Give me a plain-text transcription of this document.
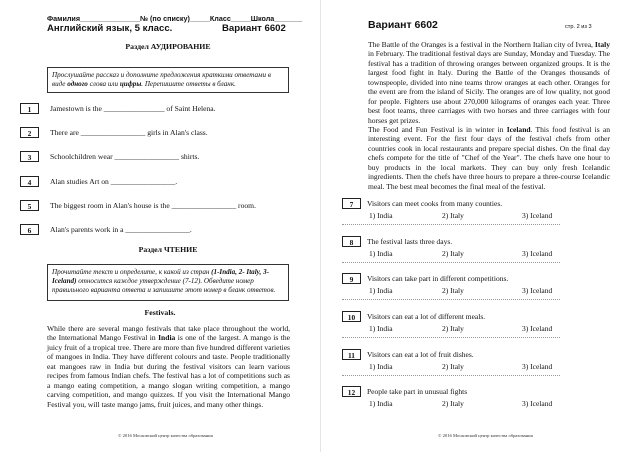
Фамилия_______________№ (по списку)_____Класс_____Школа_______
Английский язык, 5 класс.	Вариант 6602
Раздел АУДИРОВАНИЕ
Прослушайте рассказ и дополните предложения краткими ответами в виде одного слова или цифры. Перепишите ответы в бланк.
1	Jamestown is the ________________ of Saint Helena.
2	There are _________________ girls in Alan's class.
3	Schoolchildren wear _________________ shirts.
4	Alan studies Art on _________________.
5	The biggest room in Alan's house is the _________________ room.
6	Alan's parents work in a _________________.
Раздел ЧТЕНИЕ
Прочитайте текст и определите, к какой из стран (1-India, 2- Italy, 3- Iceland) относится каждое утверждение (7-12). Обведите номер правильного варианта ответа и запишите этот номер в бланк ответов.
Festivals.
While there are several mango festivals that take place throughout the world, the International Mango Festival in India is one of the largest. A mango is the juicy fruit of a tropical tree. There are more than five hundred different varieties of mangoes in India. They have different colours and taste. People traditionally eat mangoes raw in India but during the festival visitors can learn various recipes from famous Indian chefs. The festival has a lot of competitions such as a mango eating competition, a mango slogan writing competition, a mango carving competition, and mango quizzes. If you visit the International Mango Festival you, will taste mango jams, fruit juices, and many other things.
© 2016 Московский центр качества образования
Вариант 6602	стр. 2 из 3
The Battle of the Oranges is a festival in the Northern Italian city of Ivrea, Italy in February. The traditional festival days are Sunday, Monday and Tuesday. The festival has a tradition of throwing oranges between organized groups. It is the largest food fight in Italy. During the Battle of the Oranges thousands of townspeople, divided into nine teams throw oranges at each other. Oranges for the event are from the island of Sicily. The oranges are of low quality, not good for people. Fighters use about 270,000 kilograms of oranges each year. Three best foot teams, three carriages with two horses and three carriages with four horses get prizes.
The Food and Fun Festival is in winter in Iceland. This food festival is an interesting event. For the first four days of the festival chefs from other countries cook in local restaurants and prepare special dishes. On the final day chefs compete for the title of "Chef of the Year". The chefs have one hour to buy products in the local markets. They can buy only fresh Icelandic ingredients. Then the chefs have three hours to prepare a three-course Icelandic meal. The best meal becomes the final meal of the festival.
7	Visitors can meet cooks from many counties.
1) India	2) Italy	3) Iceland
8	The festival lasts three days.
1) India	2) Italy	3) Iceland
9	Visitors can take part in different competitions.
1) India	2) Italy	3) Iceland
10	Visitors can eat a lot of different meals.
1) India	2) Italy	3) Iceland
11	Visitors can eat a lot of fruit dishes.
1) India	2) Italy	3) Iceland
12	People take part in unusual fights
1) India	2) Italy	3) Iceland
© 2016 Московский центр качества образования
